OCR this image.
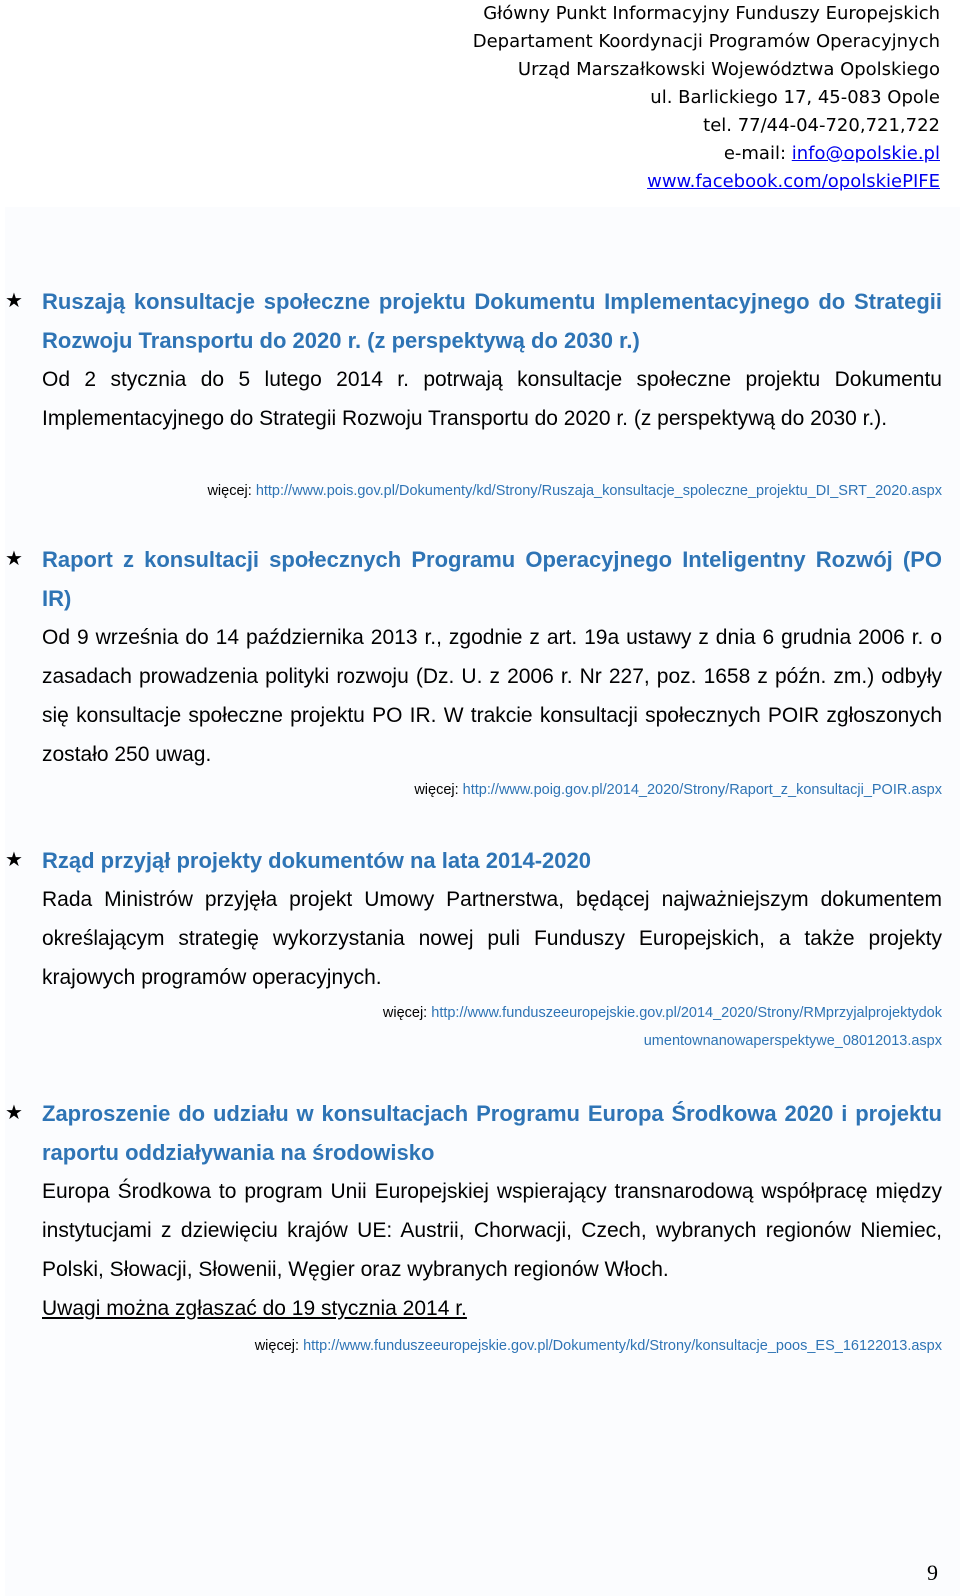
Główny Punkt Informacyjny Funduszy Europejskich
Departament Koordynacji Programów Operacyjnych
Urząd Marszałkowski Województwa Opolskiego
ul. Barlickiego 17, 45-083 Opole
tel. 77/44-04-720,721,722
e-mail: info@opolskie.pl
www.facebook.com/opolskiePIFE
★ Ruszają konsultacje społeczne projektu Dokumentu Implementacyjnego do Strategii Rozwoju Transportu do 2020 r. (z perspektywą do 2030 r.)

Od 2 stycznia do 5 lutego 2014 r. potrwają konsultacje społeczne projektu Dokumentu Implementacyjnego do Strategii Rozwoju Transportu do 2020 r. (z perspektywą do 2030 r.).

więcej: http://www.pois.gov.pl/Dokumenty/kd/Strony/Ruszaja_konsultacje_spoleczne_projektu_DI_SRT_2020.aspx
★ Raport z konsultacji społecznych Programu Operacyjnego Inteligentny Rozwój (PO IR)

Od 9 września do 14 października 2013 r., zgodnie z art. 19a ustawy z dnia 6 grudnia 2006 r. o zasadach prowadzenia polityki rozwoju (Dz. U. z 2006 r. Nr 227, poz. 1658 z późn. zm.) odbyły się konsultacje społeczne projektu PO IR. W trakcie konsultacji społecznych POIR zgłoszonych zostało 250 uwag.

więcej: http://www.poig.gov.pl/2014_2020/Strony/Raport_z_konsultacji_POIR.aspx
★ Rząd przyjął projekty dokumentów na lata 2014-2020

Rada Ministrów przyjęła projekt Umowy Partnerstwa, będącej najważniejszym dokumentem określającym strategię wykorzystania nowej puli Funduszy Europejskich, a także projekty krajowych programów operacyjnych.

więcej: http://www.funduszeeuropejskie.gov.pl/2014_2020/Strony/RMprzyjalprojektydokumentownanowaperspektywe_08012013.aspx
★ Zaproszenie do udziału w konsultacjach Programu Europa Środkowa 2020 i projektu raportu oddziaływania na środowisko

Europa Środkowa to program Unii Europejskiej wspierający transnarodową współpracę między instytucjami z dziewięciu krajów UE: Austrii, Chorwacji, Czech, wybranych regionów Niemiec, Polski, Słowacji, Słowenii, Węgier oraz wybranych regionów Włoch.

Uwagi można zgłaszać do 19 stycznia 2014 r.

więcej: http://www.funduszeeuropejskie.gov.pl/Dokumenty/kd/Strony/konsultacje_poos_ES_16122013.aspx
9
